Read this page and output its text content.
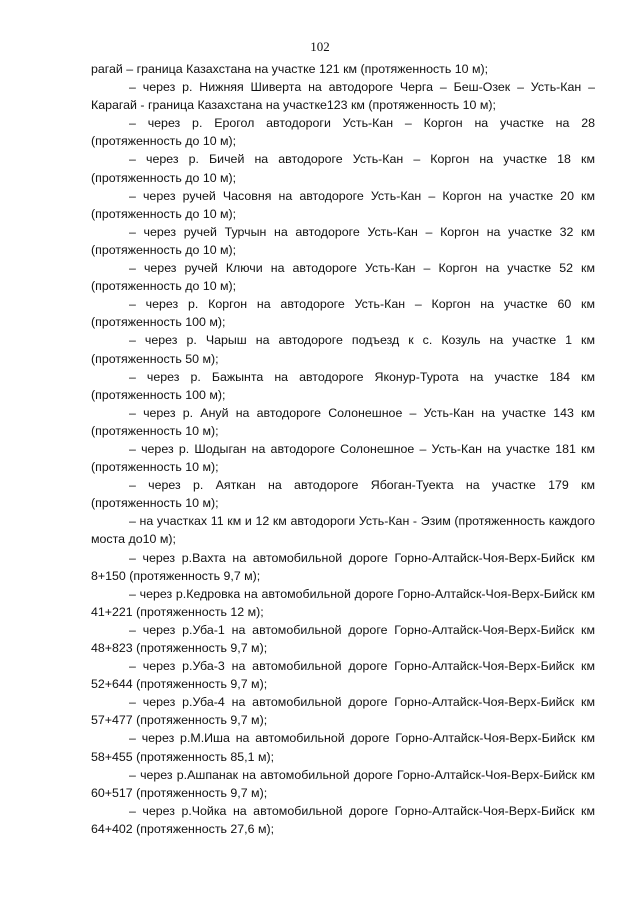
102

рагай – граница Казахстана на участке 121 км (протяженность 10 м);

– через р. Нижняя Шиверта на автодороге Черга – Беш-Озек – Усть-Кан – Карагай - граница Казахстана на участке123 км (протяженность 10 м);

– через р. Ерогол автодороги Усть-Кан – Коргон на участке на 28 (протяженность до 10 м);

– через р. Бичей на автодороге Усть-Кан – Коргон на участке 18 км (протяженность до 10 м);

– через ручей Часовня на автодороге Усть-Кан – Коргон на участке 20 км (протяженность до 10 м);

– через ручей Турчын на автодороге Усть-Кан – Коргон на участке 32 км (протяженность до 10 м);

– через ручей Ключи на автодороге Усть-Кан – Коргон на участке 52 км (протяженность до 10 м);

– через р. Коргон на автодороге Усть-Кан – Коргон на участке 60 км (протяженность 100 м);

– через р. Чарыш на автодороге подъезд к с. Козуль на участке 1 км (протяженность 50 м);

– через р. Бажынта на автодороге Яконур-Турота на участке 184 км (протяженность 100 м);

– через р. Ануй на автодороге Солонешное – Усть-Кан на участке 143 км (протяженность 10 м);

– через р. Шодыган на автодороге Солонешное – Усть-Кан на участке 181 км (протяженность 10 м);

– через р. Аяткан на автодороге Ябоган-Туекта на участке 179 км (протяженность 10 м);

– на участках 11 км и 12 км автодороги Усть-Кан - Эзим (протяженность каждого моста до10 м);

– через р.Вахта на автомобильной дороге Горно-Алтайск-Чоя-Верх-Бийск км 8+150 (протяженность 9,7 м);

– через р.Кедровка на автомобильной дороге Горно-Алтайск-Чоя-Верх-Бийск км 41+221 (протяженность 12 м);

– через р.Уба-1 на автомобильной дороге Горно-Алтайск-Чоя-Верх-Бийск км 48+823 (протяженность 9,7 м);

– через р.Уба-3 на автомобильной дороге Горно-Алтайск-Чоя-Верх-Бийск км 52+644 (протяженность 9,7 м);

– через р.Уба-4 на автомобильной дороге Горно-Алтайск-Чоя-Верх-Бийск км 57+477 (протяженность 9,7 м);

– через р.М.Иша на автомобильной дороге Горно-Алтайск-Чоя-Верх-Бийск км 58+455 (протяженность 85,1 м);

– через р.Ашпанак на автомобильной дороге Горно-Алтайск-Чоя-Верх-Бийск км 60+517 (протяженность 9,7 м);

– через р.Чойка на автомобильной дороге Горно-Алтайск-Чоя-Верх-Бийск км 64+402 (протяженность 27,6 м);
